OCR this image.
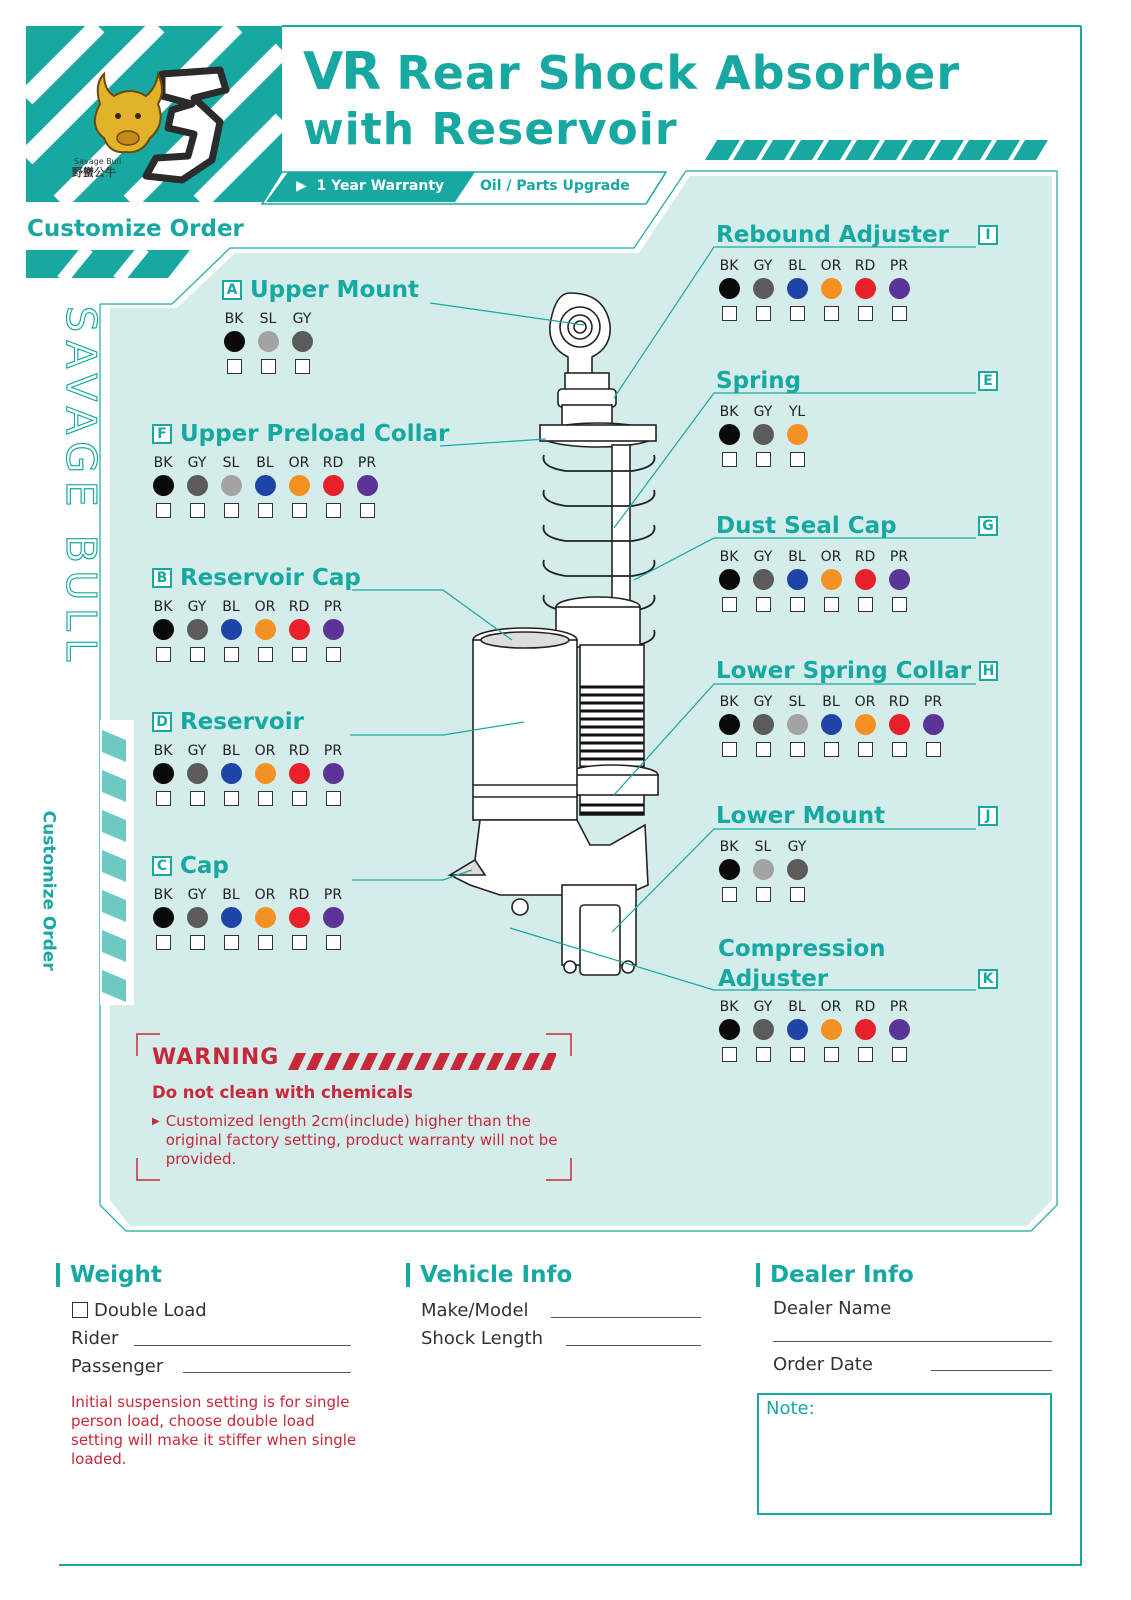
Savage Bull
野蠻公牛
VR Rear Shock Absorber
with Reservoir
▶  1 Year Warranty	Oil / Parts Upgrade
Customize Order
SAVAGE BULL
Customize Order
A Upper Mount
BK SL GY
F Upper Preload Collar
BK GY SL BL OR RD PR
B Reservoir Cap
BK GY BL OR RD PR
D Reservoir
BK GY BL OR RD PR
C Cap
BK GY BL OR RD PR
Rebound Adjuster	I
BK GY BL OR RD PR
Spring	E
BK GY YL
Dust Seal Cap	G
BK GY BL OR RD PR
Lower Spring Collar H
BK GY SL BL OR RD PR
Lower Mount	J
BK SL GY
Compression
Adjuster	K
BK GY BL OR RD PR
WARNING
Do not clean with chemicals
▶ Customized length 2cm(include) higher than the original factory setting, product warranty will not be provided.
Weight
Double Load
Rider
Passenger
Initial suspension setting is for single person load, choose double load setting will make it stiffer when single loaded.
Vehicle Info
Make/Model
Shock Length
Dealer Info
Dealer Name
Order Date
Note:
